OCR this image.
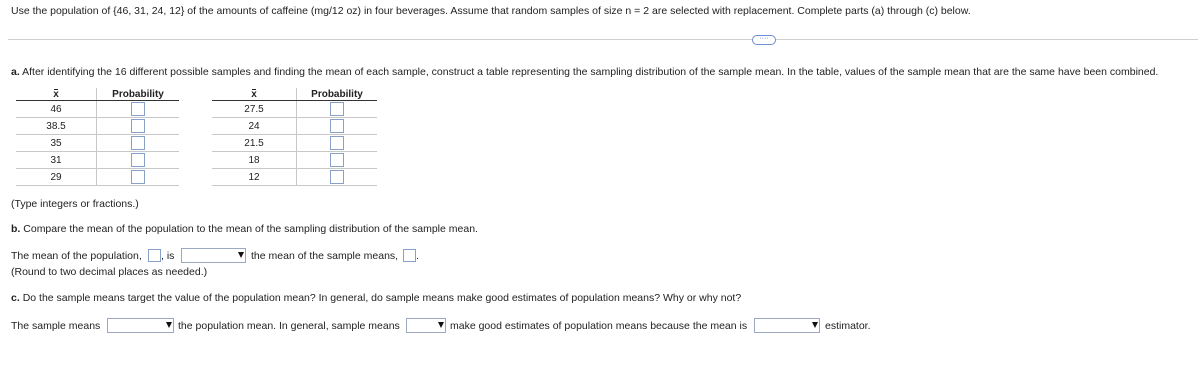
Use the population of {46, 31, 24, 12} of the amounts of caffeine (mg/12 oz) in four beverages. Assume that random samples of size n = 2 are selected with replacement. Complete parts (a) through (c) below.
····
a. After identifying the 16 different possible samples and finding the mean of each sample, construct a table representing the sampling distribution of the sample mean. In the table, values of the sample mean that are the same have been combined.
x	Probability
46	
38.5	
35	
31	
29	
x	Probability
27.5	
24	
21.5	
18	
12	
(Type integers or fractions.)
b. Compare the mean of the population to the mean of the sampling distribution of the sample mean.
The mean of the population, , is	the mean of the sample means, .
(Round to two decimal places as needed.)
c. Do the sample means target the value of the population mean? In general, do sample means make good estimates of population means? Why or why not?
The sample means	the population mean. In general, sample means	make good estimates of population means because the mean is	estimator.
